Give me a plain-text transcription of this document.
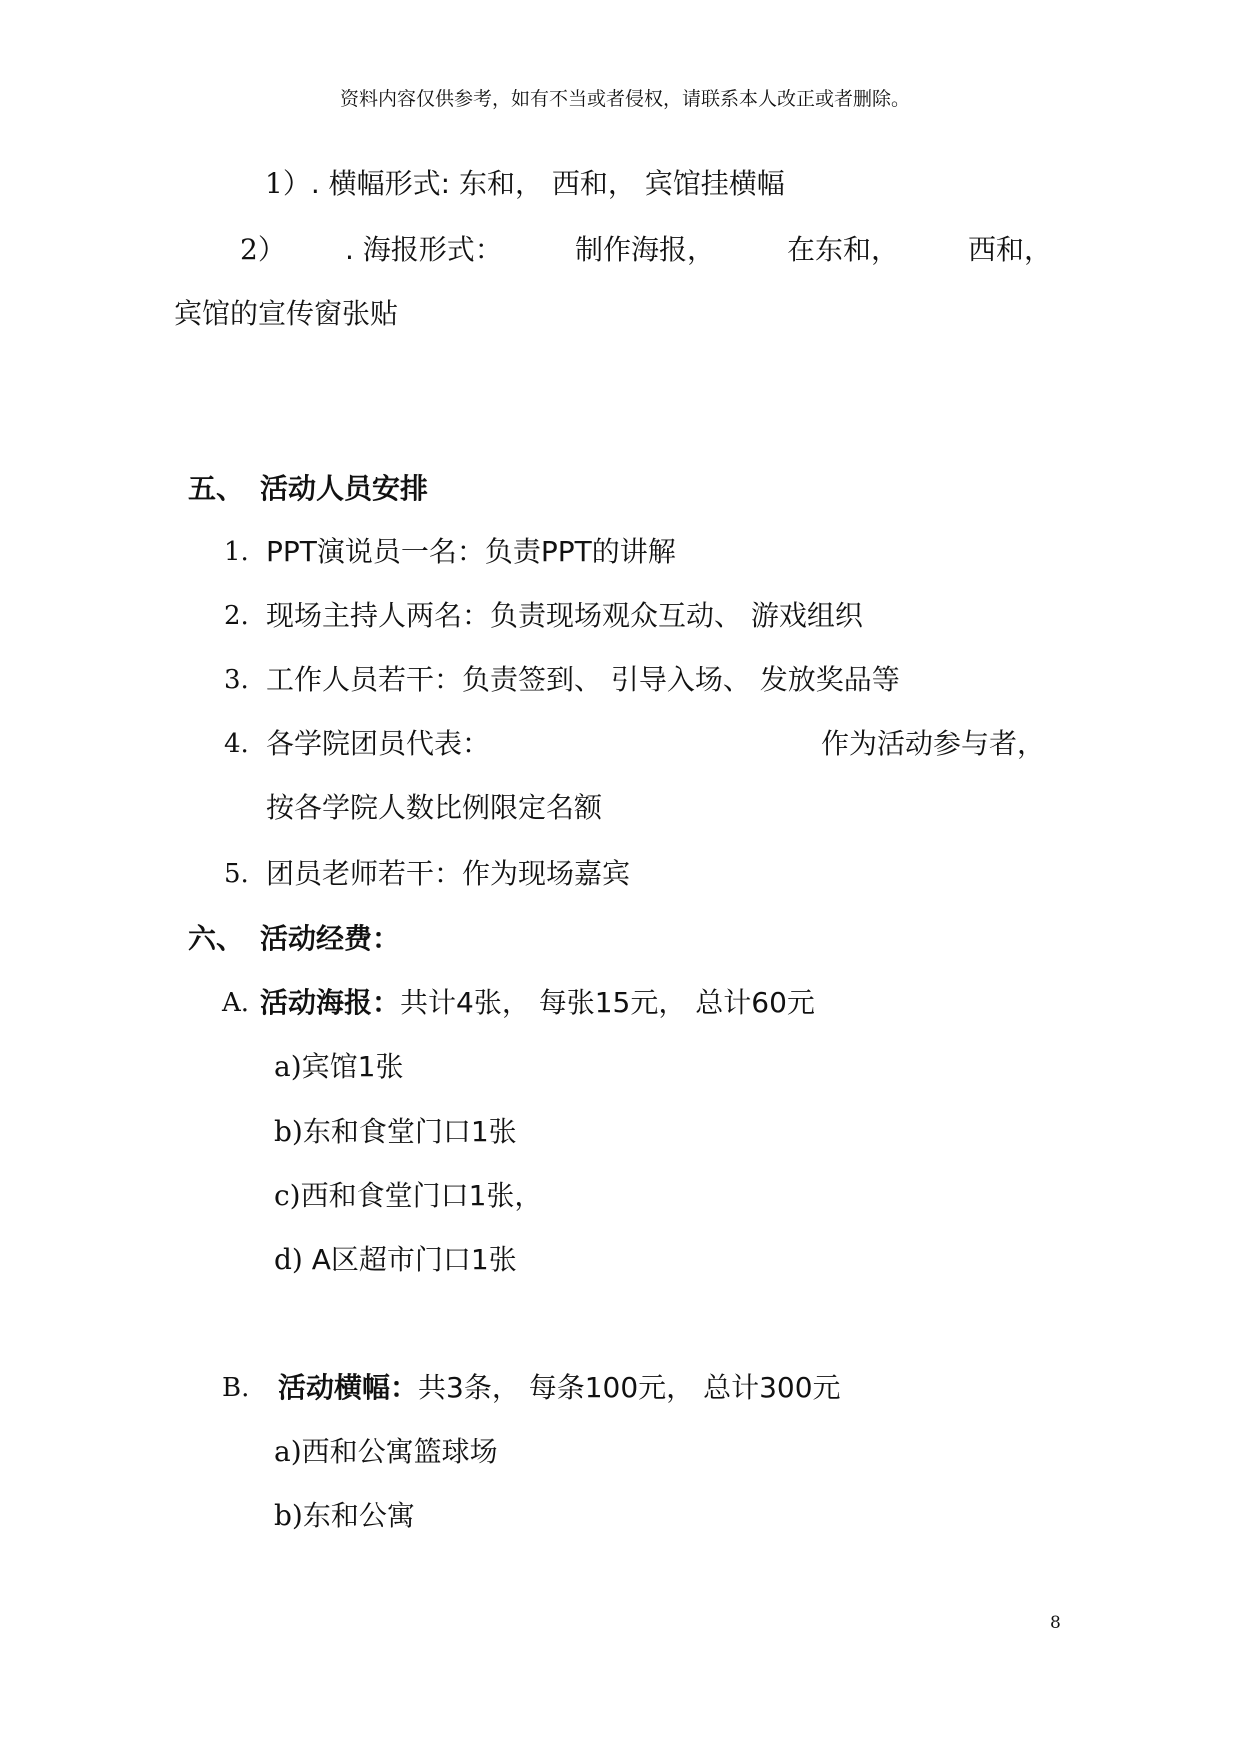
资料内容仅供参考，如有不当或者侵权，请联系本人改正或者删除。
1）. 横幅形式: 东和， 西和， 宾馆挂横幅
2） . 海报形式：	制作海报，	在东和， 西和，
宾馆的宣传窗张贴
五、 活动人员安排
1. PPT演说员一名：负责PPT的讲解
2. 现场主持人两名：负责现场观众互动、 游戏组织
3. 工作人员若干：负责签到、 引导入场、 发放奖品等
4. 各学院团员代表：	作为活动参与者，
按各学院人数比例限定名额
5. 团员老师若干：作为现场嘉宾
六、 活动经费：
A. 活动海报：共计4张， 每张15元， 总计60元
a)宾馆1张
b)东和食堂门口1张
c)西和食堂门口1张，
d) A区超市门口1张
B. 活动横幅：共3条， 每条100元， 总计300元
a)西和公寓篮球场
b)东和公寓
8
